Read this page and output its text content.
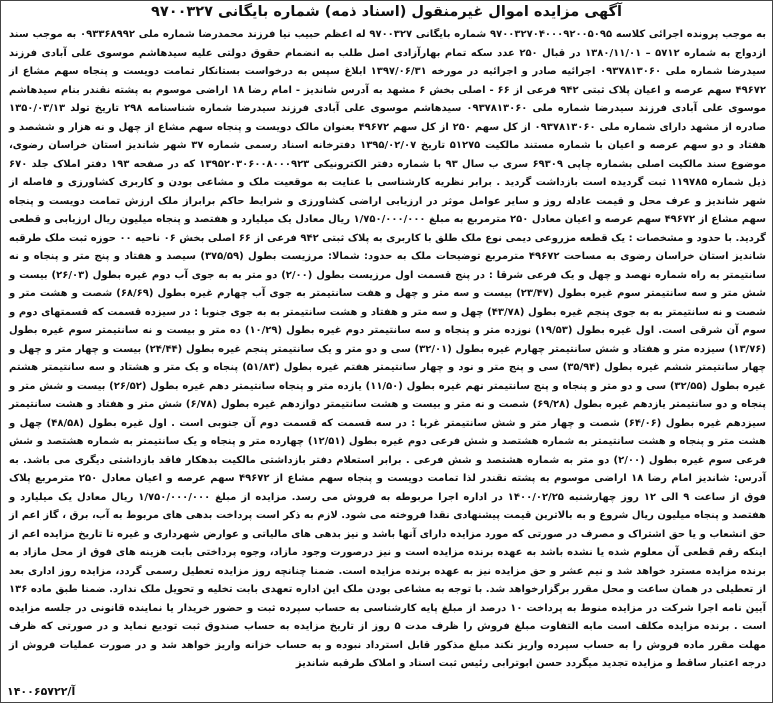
آگهی مزایده اموال غیرمنقول (اسناد ذمه) شماره بایگانی ۹۷۰۰۳۲۷
به موجب پرونده اجرائی کلاسه ۹۷۰۰۳۲۷۰۴۰۰۰۹۲۰۰۵۰۹۵ شماره بایگانی ۹۷۰۰۳۲۷ له اعظم حبیب نیا فرزند محمدرضا شماره ملی ۰۹۳۳۶۸۹۹۲ به موجب سند ازدواج به شماره ۵۷۱۲ – ۱۳۸۰/۱۱/۰۱ در قبال ۲۵۰ عدد سکه تمام بهارآزادی اصل طلب به انضمام حقوق دولتی علیه سیدهاشم موسوی علی آبادی فرزند سیدرضا شماره ملی ۰۹۳۷۸۱۳۰۶۰ اجرائیه صادر و اجرائیه در مورخه ۱۳۹۷/۰۶/۳۱ ابلاغ سپس به درخواست بستانکار تمامت دویست و پنجاه سهم مشاع از ۴۹۶۷۲ سهم عرصه و اعیان پلاک ثبتی ۹۴۲ فرعی از ۶۶ - اصلی بخش ۶ مشهد به آدرس شاندیز - امام رضا ۱۸ اراضی موسوم به پشته نقندر بنام سیدهاشم موسوی علی آبادی فرزند سیدرضا شماره ملی ۰۹۳۷۸۱۳۰۶۰ سیدهاشم موسوی علی آبادی فرزند سیدرضا شماره شناسنامه ۲۹۸ تاریخ تولد ۱۳۵۰/۰۳/۱۳ صادره از مشهد دارای شماره ملی ۰۹۳۷۸۱۳۰۶۰ از کل سهم ۲۵۰ از کل سهم ۴۹۶۷۲ بعنوان مالک دویست و پنجاه سهم مشاع از چهل و نه هزار و ششصد و هفتاد و دو سهم عرصه و اعیان با شماره مستند مالکیت ۵۱۲۷۵ تاریخ ۱۳۹۵/۰۲/۰۷ دفترخانه اسناد رسمی شماره ۳۷ شهر شاندیز استان خراسان رضوی، موضوع سند مالکیت اصلی بشماره چاپی ۶۹۳۰۹ سری ب سال ۹۳ با شماره دفتر الکترونیکی ۱۳۹۵۲۰۳۰۶۰۰۸۰۰۰۹۲۳ که در صفحه ۱۹۳ دفتر املاک جلد ۶۷۰ ذیل شماره ۱۱۹۷۸۵ ثبت گردیده است بازداشت گردید . برابر نظریه کارشناسی با عنایت به موقعیت ملک و مشاعی بودن و کاربری کشاورزی و فاصله از شهر شاندیز و عرف محل و قیمت عادله روز و سایر عوامل موثر در ارزیابی اراضی کشاورزی و شرایط حاکم برابراز ملک ارزش تمامت دویست و پنجاه سهم مشاع از ۴۹۶۷۲ سهم عرصه و اعیان معادل ۲۵۰ مترمربع به مبلغ ۱/۷۵۰/۰۰۰/۰۰۰ ریال معادل یک میلیارد و هفتصد و پنجاه میلیون ریال ارزیابی و قطعی گردید. با حدود و مشخصات : یک قطعه مزروعی دیمی نوع ملک طلق با کاربری به پلاک ثبتی ۹۴۲ فرعی از ۶۶ اصلی بخش ۰۶ ناحیه ۰۰ حوزه ثبت ملک طرقبه شاندیز استان خراسان رضوی به مساحت ۴۹۶۷۲ مترمربع توضیحات ملک به حدود: شمالا: مرزیست بطول (۳۷۵/۵۹) سیصد و هفتاد و پنج متر و پنجاه و نه سانتیمتر به راه شماره نهصد و چهل و یک فرعی شرقا : در پنج قسمت اول مرزیست بطول (۲/۰۰) دو متر به به جوی آب دوم غیره بطول (۲۶/۰۳) بیست و شش متر و سه سانتیمتر سوم غیره بطول (۲۳/۴۷) بیست و سه متر و چهل و هفت سانتیمتر به جوی آب چهارم غیره بطول (۶۸/۶۹) شصت و هشت متر و شصت و نه سانتیمتر به به جوی پنجم غیره بطول (۴۳/۷۸) چهل و سه متر و هفتاد و هشت سانتیمتر به به جوی جنوبا : در سیزده قسمت که قسمتهای دوم و سوم آن شرقی است. اول غیره بطول (۱۹/۵۳) نوزده متر و پنجاه و سه سانتیمتر دوم غیره بطول (۱۰/۲۹) ده متر و بیست و نه سانتیمتر سوم غیره بطول (۱۳/۷۶) سیزده متر و هفتاد و شش سانتیمتر چهارم غیره بطول (۳۲/۰۱) سی و دو متر و یک سانتیمتر پنجم غیره بطول (۲۴/۴۴) بیست و چهار متر و چهل و چهار سانتیمتر ششم غیره بطول (۳۵/۹۴) سی و پنج متر و نود و چهار سانتیمتر هفتم غیره بطول (۵۱/۸۳) پنجاه و یک متر و هشتاد و سه سانتیمتر هشتم غیره بطول (۳۲/۵۵) سی و دو متر و پنجاه و پنج سانتیمتر نهم غیره بطول (۱۱/۵۰) یازده متر و پنجاه سانتیمتر دهم غیره بطول (۲۶/۵۲) بیست و شش متر و پنجاه و دو سانتیمتر یازدهم غیره بطول (۶۹/۲۸) شصت و نه متر و بیست و هشت سانتیمتر دوازدهم غیره بطول (۶/۷۸) شش متر و هفتاد و هشت سانتیمتر سیزدهم غیره بطول (۶۴/۰۶) شصت و چهار متر و شش سانتیمتر غربا : در سه قسمت که قسمت دوم آن جنوبی است . اول غیره بطول (۴۸/۵۸) چهل و هشت متر و پنجاه و هشت سانتیمتر به شماره هشتصد و شش فرعی دوم غیره بطول (۱۲/۵۱) چهارده متر و پنجاه و یک سانتیمتر به شماره هشتصد و شش فرعی سوم غیره بطول (۲/۰۰) دو متر به شماره هشتصد و شش فرعی . برابر استعلام دفتر بازداشتی مالکیت بدهکار فاقد بازداشتی دیگری می باشد. به آدرس: شاندیز امام رضا ۱۸ اراضی موسوم به پشته نقندر لذا تمامت دویست و پنجاه سهم مشاع از ۴۹۶۷۲ سهم عرصه و اعیان معادل ۲۵۰ مترمربع پلاک فوق از ساعت ۹ الی ۱۲ روز چهارشنبه ۱۴۰۰/۰۲/۲۵ در اداره اجرا مربوطه به فروش می رسد. مزایده از مبلغ ۱/۷۵۰/۰۰۰/۰۰۰ ریال معادل یک میلیارد و هفتصد و پنجاه میلیون ریال شروع و به بالاترین قیمت پیشنهادی نقدا فروخته می شود. لازم به ذکر است پرداخت بدهی های مربوط به آب، برق ، گاز اعم از حق انشعاب و یا حق اشتراک و مصرف در صورتی که مورد مزایده دارای آنها باشد و نیز بدهی های مالیاتی و عوارض شهرداری و غیره تا تاریخ مزایده اعم از اینکه رقم قطعی آن معلوم شده یا نشده باشد به عهده برنده مزایده است و نیز درصورت وجود مازاد، وجوه پرداختی بابت هزینه های فوق از محل مازاد به برنده مزایده مسترد خواهد شد و نیم عشر و حق مزایده نیز به عهده برنده مزایده است. ضمنا چنانچه روز مزایده تعطیل رسمی گردد، مزایده روز اداری بعد از تعطیلی در همان ساعت و محل مقرر برگزارخواهد شد. با توجه به مشاعی بودن ملک این اداره تعهدی بابت تخلیه و تحویل ملک ندارد. ضمنا طبق ماده ۱۳۶ آیین نامه اجرا شرکت در مزایده منوط به پرداخت ۱۰ درصد از مبلغ پایه کارشناسی به حساب سپرده ثبت و حضور خریدار یا نماینده قانونی در جلسه مزایده است . برنده مزایده مکلف است مابه التفاوت مبلغ فروش را ظرف مدت ۵ روز از تاریخ مزایده به حساب صندوق ثبت تودیع نماید و در صورتی که ظرف مهلت مقرر ماده فروش را به حساب سپرده واریز نکند مبلغ مذکور قابل استرداد نبوده و به حساب خزانه واریز خواهد شد و در صورت عملیات فروش از درجه اعتبار ساقط و مزایده تجدید میگردد حسن ابوترابی رئیس ثبت اسناد و املاک طرقبه شاندیز
۱۴۰۰۶۵۷۲۲/آ
